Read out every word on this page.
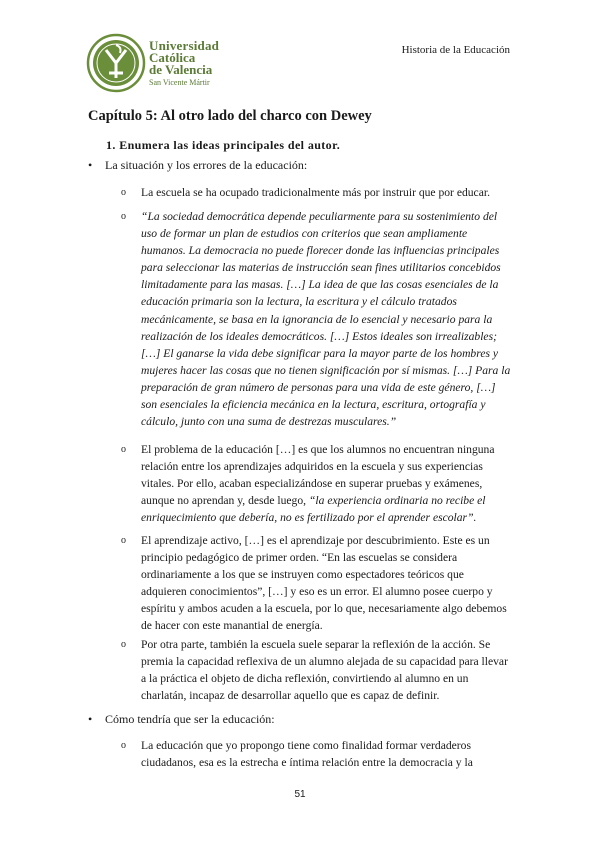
Universidad
Católica
de Valencia
San Vicente Mártir
Historia de la Educación
Capítulo 5: Al otro lado del charco con Dewey
1. Enumera las ideas principales del autor.
• La situación y los errores de la educación:
o La escuela se ha ocupado tradicionalmente más por instruir que por educar.
o “La sociedad democrática depende peculiarmente para su sostenimiento del uso de formar un plan de estudios con criterios que sean ampliamente humanos. La democracia no puede florecer donde las influencias principales para seleccionar las materias de instrucción sean fines utilitarios concebidos limitadamente para las masas. […] La idea de que las cosas esenciales de la educación primaria son la lectura, la escritura y el cálculo tratados mecánicamente, se basa en la ignorancia de lo esencial y necesario para la realización de los ideales democráticos. […] Estos ideales son irrealizables; […] El ganarse la vida debe significar para la mayor parte de los hombres y mujeres hacer las cosas que no tienen significación por sí mismas. […] Para la preparación de gran número de personas para una vida de este género, […] son esenciales la eficiencia mecánica en la lectura, escritura, ortografía y cálculo, junto con una suma de destrezas musculares.”
o El problema de la educación […] es que los alumnos no encuentran ninguna relación entre los aprendizajes adquiridos en la escuela y sus experiencias vitales. Por ello, acaban especializándose en superar pruebas y exámenes, aunque no aprendan y, desde luego, “la experiencia ordinaria no recibe el enriquecimiento que debería, no es fertilizado por el aprender escolar”.
o El aprendizaje activo, […] es el aprendizaje por descubrimiento. Este es un principio pedagógico de primer orden. “En las escuelas se considera ordinariamente a los que se instruyen como espectadores teóricos que adquieren conocimientos”, […] y eso es un error. El alumno posee cuerpo y espíritu y ambos acuden a la escuela, por lo que, necesariamente algo debemos de hacer con este manantial de energía.
o Por otra parte, también la escuela suele separar la reflexión de la acción. Se premia la capacidad reflexiva de un alumno alejada de su capacidad para llevar a la práctica el objeto de dicha reflexión, convirtiendo al alumno en un charlatán, incapaz de desarrollar aquello que es capaz de definir.
• Cómo tendría que ser la educación:
o La educación que yo propongo tiene como finalidad formar verdaderos ciudadanos, esa es la estrecha e íntima relación entre la democracia y la
51
